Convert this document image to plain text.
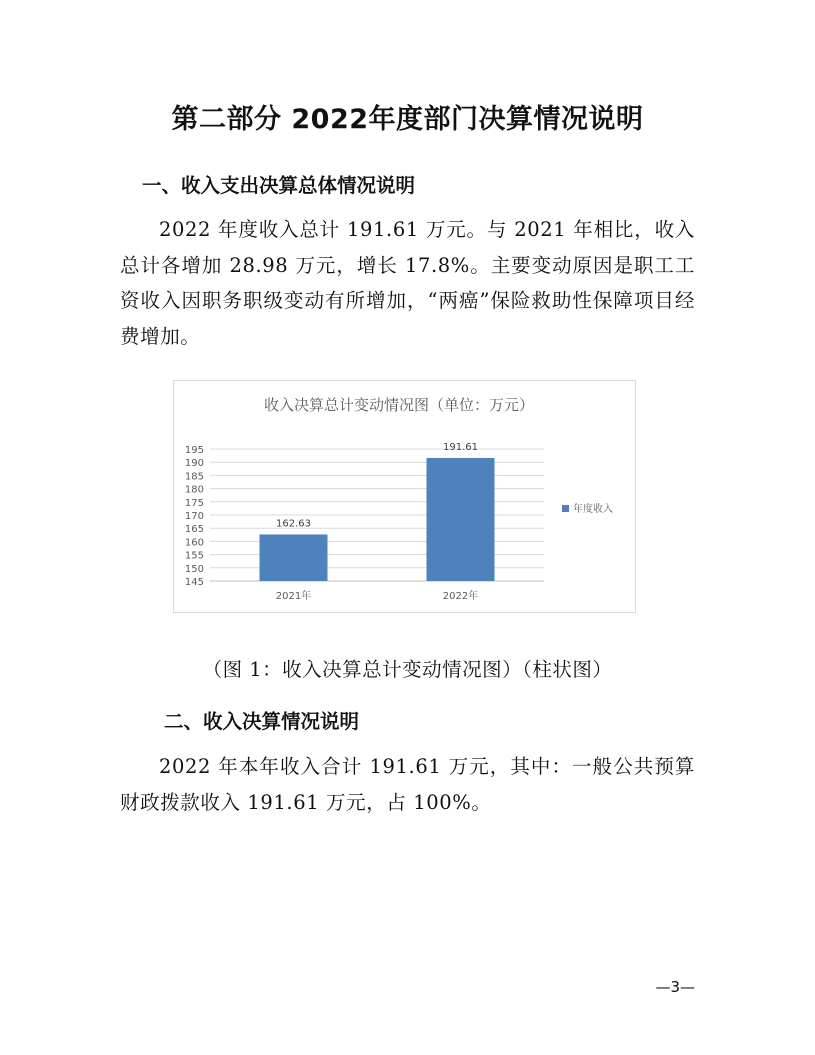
第二部分 2022年度部门决算情况说明
一、收入支出决算总体情况说明

2022 年度收入总计 191.61 万元。与 2021 年相比，收入总计各增加 28.98 万元，增长 17.8%。主要变动原因是职工工资收入因职务职级变动有所增加，“两癌”保险救助性保障项目经费增加。

收入决算总计变动情况图（单位：万元）
145
150
155
160
165
170
175
180
185
190
195
162.63
191.61
2021年	2022年
年度收入

（图 1：收入决算总计变动情况图）（柱状图）

二、收入决算情况说明

2022 年本年收入合计 191.61 万元，其中：一般公共预算财政拨款收入 191.61 万元，占 100%。

—3—
